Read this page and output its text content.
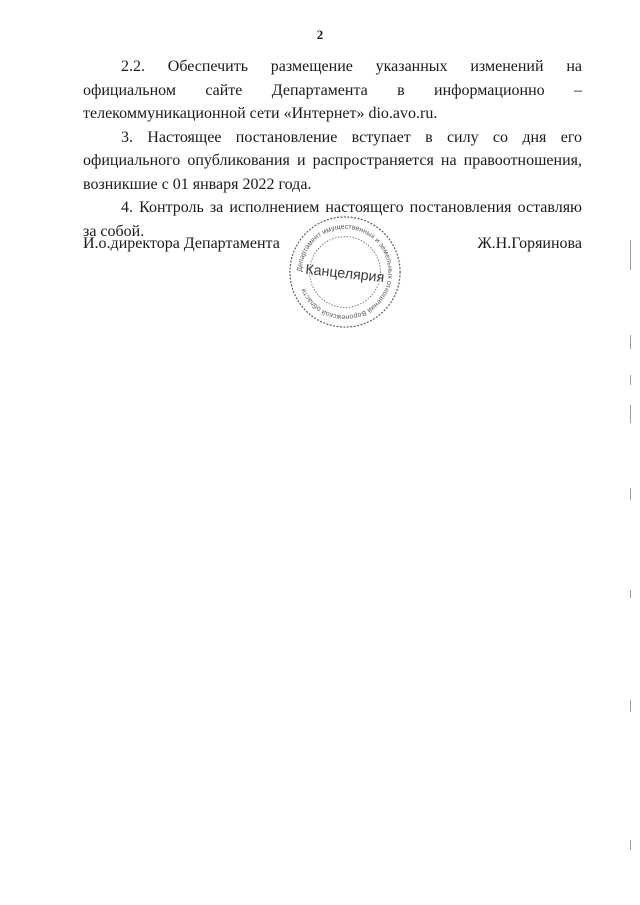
2

2.2. Обеспечить размещение указанных изменений на официальном сайте Департамента в информационно – телекоммуникационной сети «Интернет» dio.avo.ru.

3. Настоящее постановление вступает в силу со дня его официального опубликования и распространяется на правоотношения, возникшие с 01 января 2022 года.

4. Контроль за исполнением настоящего постановления оставляю за собой.

И.о.директора Департамента	Ж.Н.Горяинова
Департамент имущественных и земельных отношений Воронежской области
Канцелярия
